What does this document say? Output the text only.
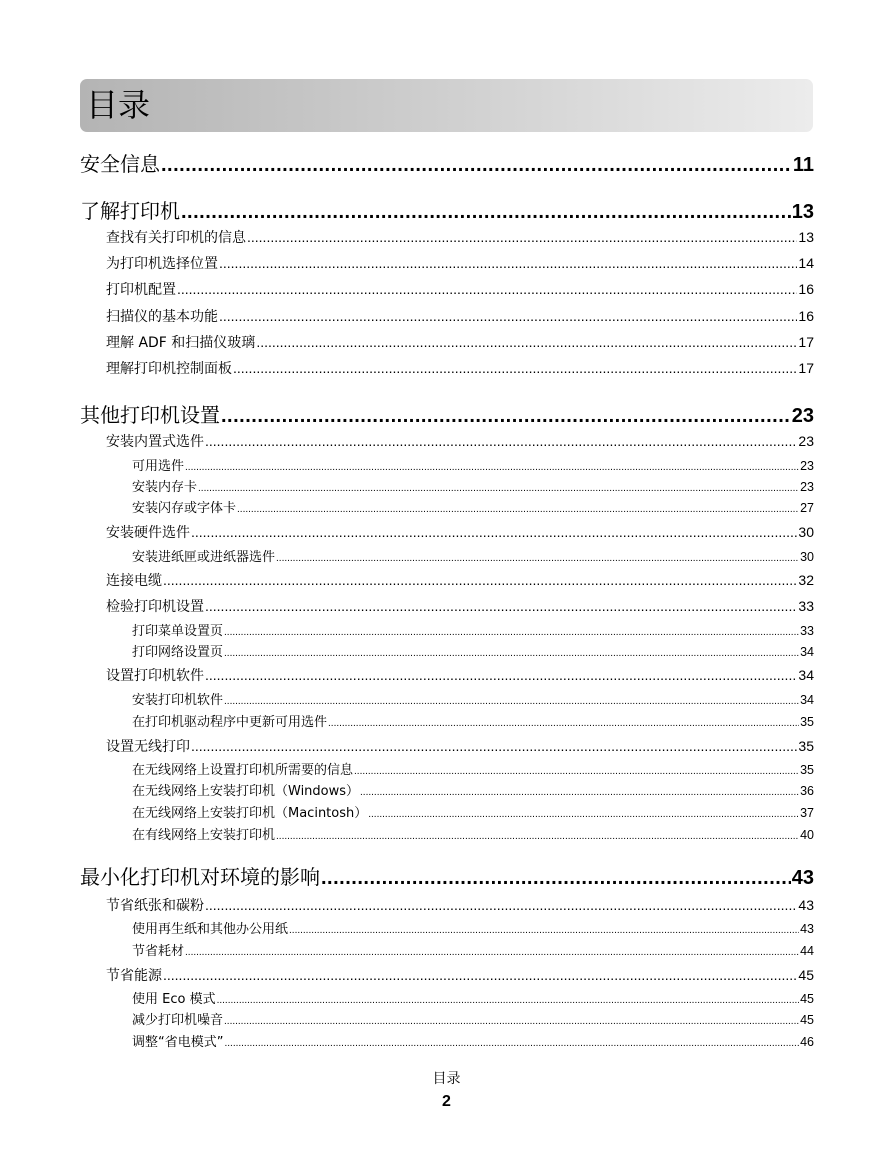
目录
安全信息 .....	11
了解打印机 .....	13
查找有关打印机的信息 .....	13
为打印机选择位置 .....	14
打印机配置 .....	16
扫描仪的基本功能 .....	16
理解 ADF 和扫描仪玻璃 .....	17
理解打印机控制面板 .....	17
其他打印机设置 .....	23
安装内置式选件 .....	23
可用选件 .....	23
安装内存卡 .....	23
安装闪存或字体卡 .....	27
安装硬件选件 .....	30
安装进纸匣或进纸器选件 .....	30
连接电缆 .....	32
检验打印机设置 .....	33
打印菜单设置页 .....	33
打印网络设置页 .....	34
设置打印机软件 .....	34
安装打印机软件 .....	34
在打印机驱动程序中更新可用选件 .....	35
设置无线打印 .....	35
在无线网络上设置打印机所需要的信息 .....	35
在无线网络上安装打印机（Windows） .....	36
在无线网络上安装打印机（Macintosh） .....	37
在有线网络上安装打印机 .....	40
最小化打印机对环境的影响 .....	43
节省纸张和碳粉 .....	43
使用再生纸和其他办公用纸 .....	43
节省耗材 .....	44
节省能源 .....	45
使用 Eco 模式 .....	45
减少打印机噪音 .....	45
调整“省电模式” .....	46
目录
2
